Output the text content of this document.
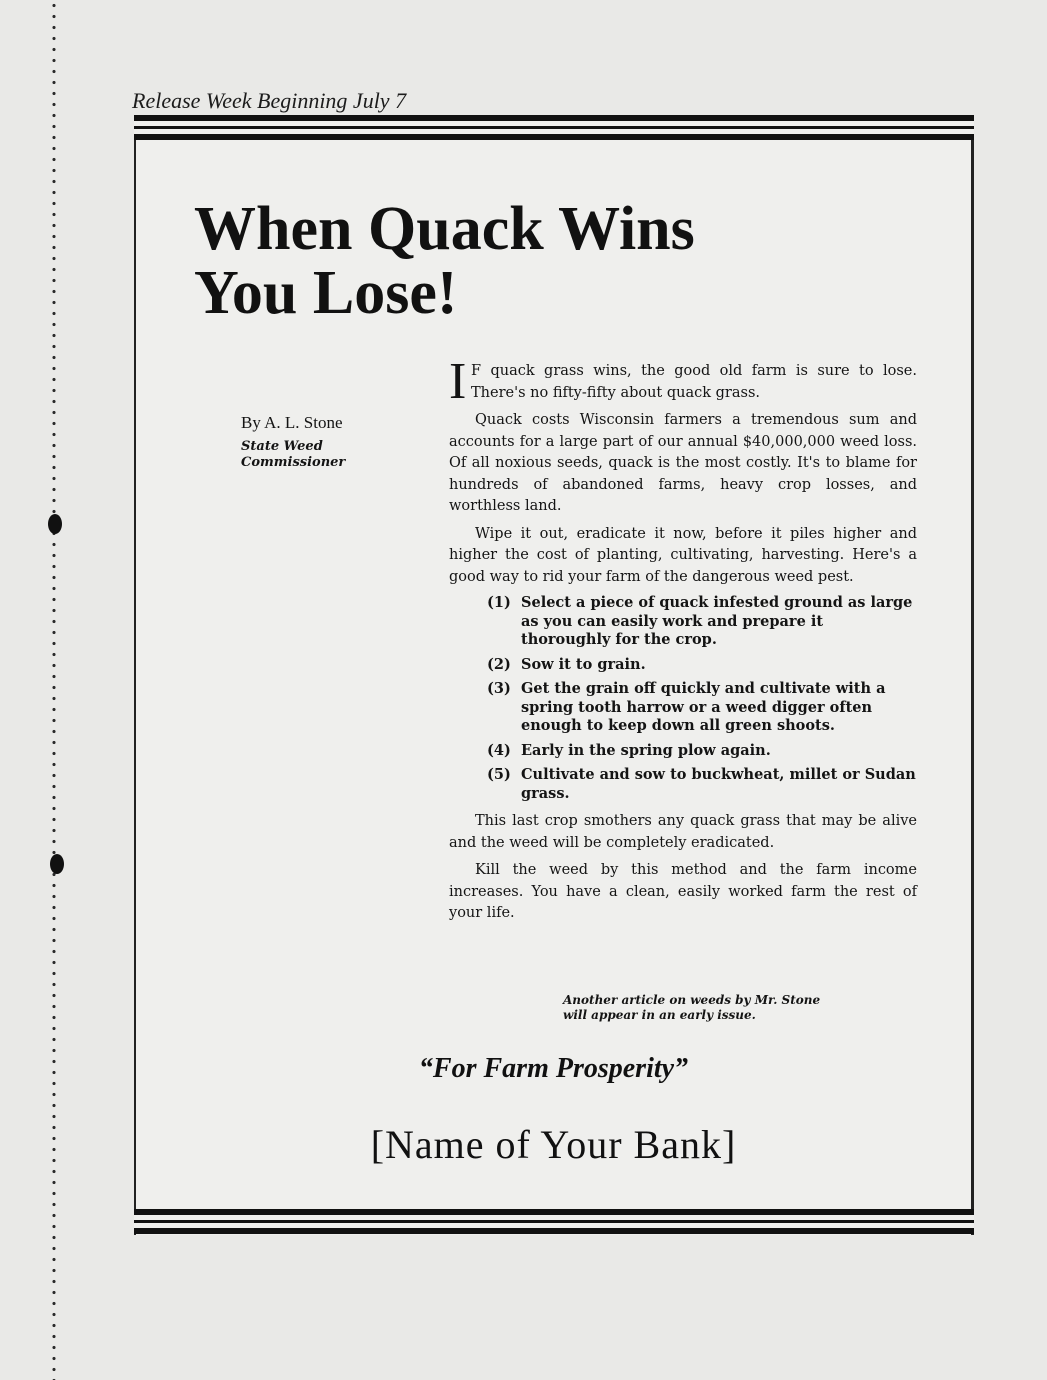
Release Week Beginning July 7
When Quack Wins
You Lose!
By A. L. Stone
State Weed
Commissioner

I F quack grass wins, the good old farm is sure to lose. There's no fifty-fifty about quack grass.

Quack costs Wisconsin farmers a tremendous sum and accounts for a large part of our annual $40,000,000 weed loss. Of all noxious seeds, quack is the most costly. It's to blame for hundreds of abandoned farms, heavy crop losses, and worthless land.

Wipe it out, eradicate it now, before it piles higher and higher the cost of planting, cultivating, harvesting. Here's a good way to rid your farm of the dangerous weed pest.

(1) Select a piece of quack infested ground as large as you can easily work and prepare it thoroughly for the crop.
(2) Sow it to grain.
(3) Get the grain off quickly and cultivate with a spring tooth harrow or a weed digger often enough to keep down all green shoots.
(4) Early in the spring plow again.
(5) Cultivate and sow to buckwheat, millet or Sudan grass.

This last crop smothers any quack grass that may be alive and the weed will be completely eradicated.

Kill the weed by this method and the farm income increases. You have a clean, easily worked farm the rest of your life.

Another article on weeds by Mr. Stone will appear in an early issue.
“For Farm Prosperity”
[Name of Your Bank]
